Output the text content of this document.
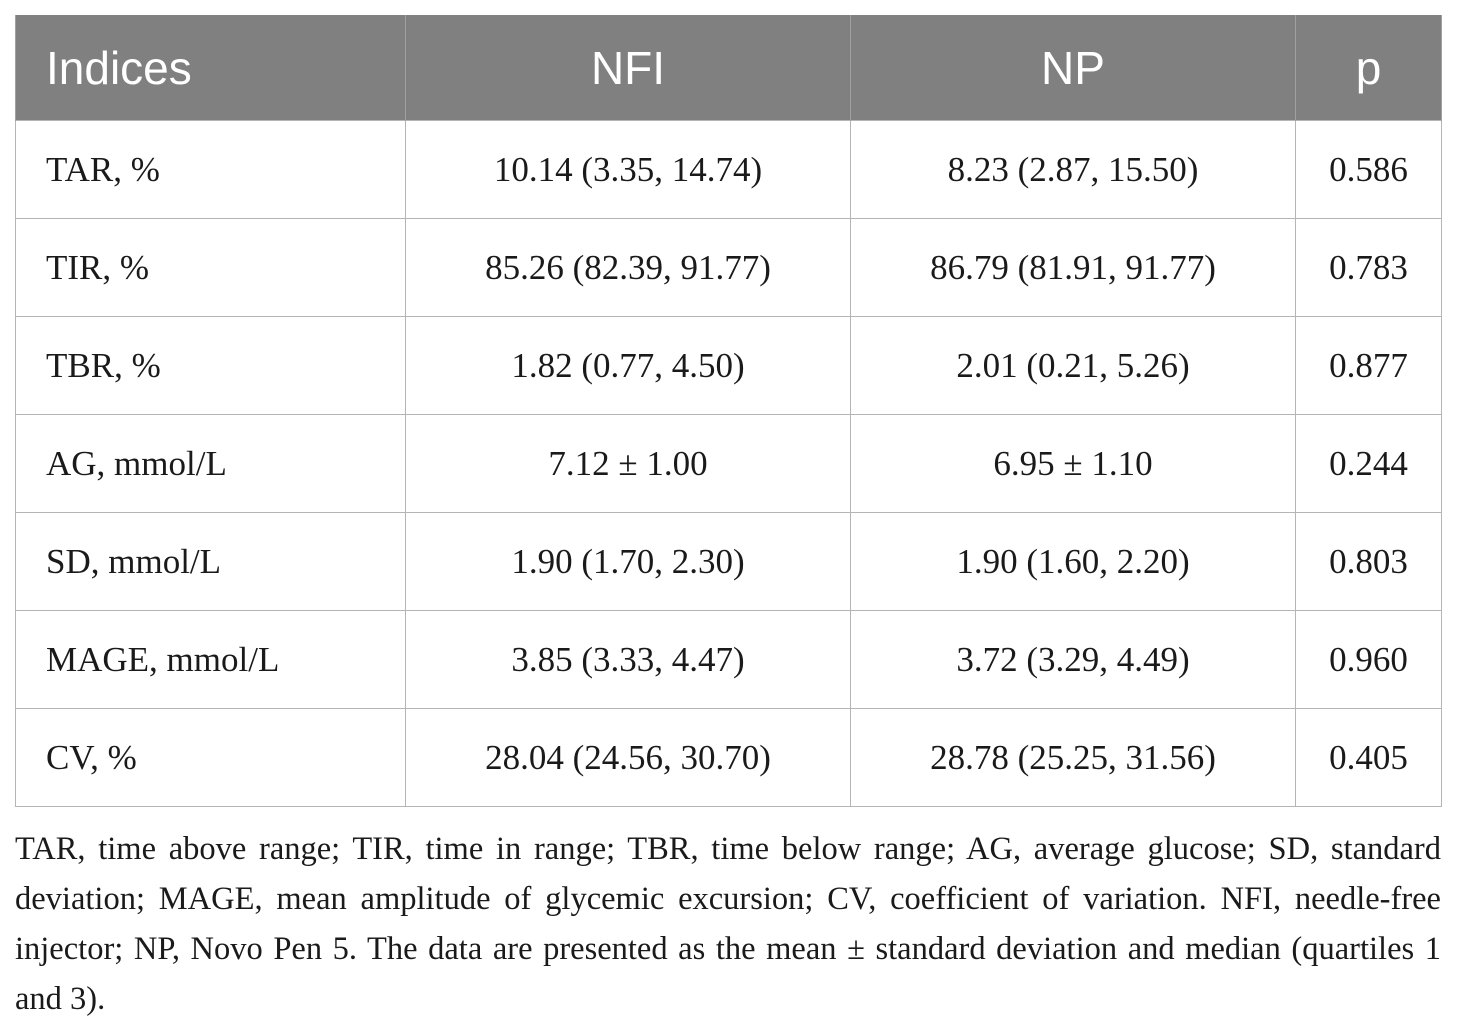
Indices	NFI	NP	p
TAR, %	10.14 (3.35, 14.74)	8.23 (2.87, 15.50)	0.586
TIR, %	85.26 (82.39, 91.77)	86.79 (81.91, 91.77)	0.783
TBR, %	1.82 (0.77, 4.50)	2.01 (0.21, 5.26)	0.877
AG, mmol/L	7.12 ± 1.00	6.95 ± 1.10	0.244
SD, mmol/L	1.90 (1.70, 2.30)	1.90 (1.60, 2.20)	0.803
MAGE, mmol/L	3.85 (3.33, 4.47)	3.72 (3.29, 4.49)	0.960
CV, %	28.04 (24.56, 30.70)	28.78 (25.25, 31.56)	0.405

TAR, time above range; TIR, time in range; TBR, time below range; AG, average glucose; SD, standard deviation; MAGE, mean amplitude of glycemic excursion; CV, coefficient of variation. NFI, needle-free injector; NP, Novo Pen 5. The data are presented as the mean ± standard deviation and median (quartiles 1 and 3).
